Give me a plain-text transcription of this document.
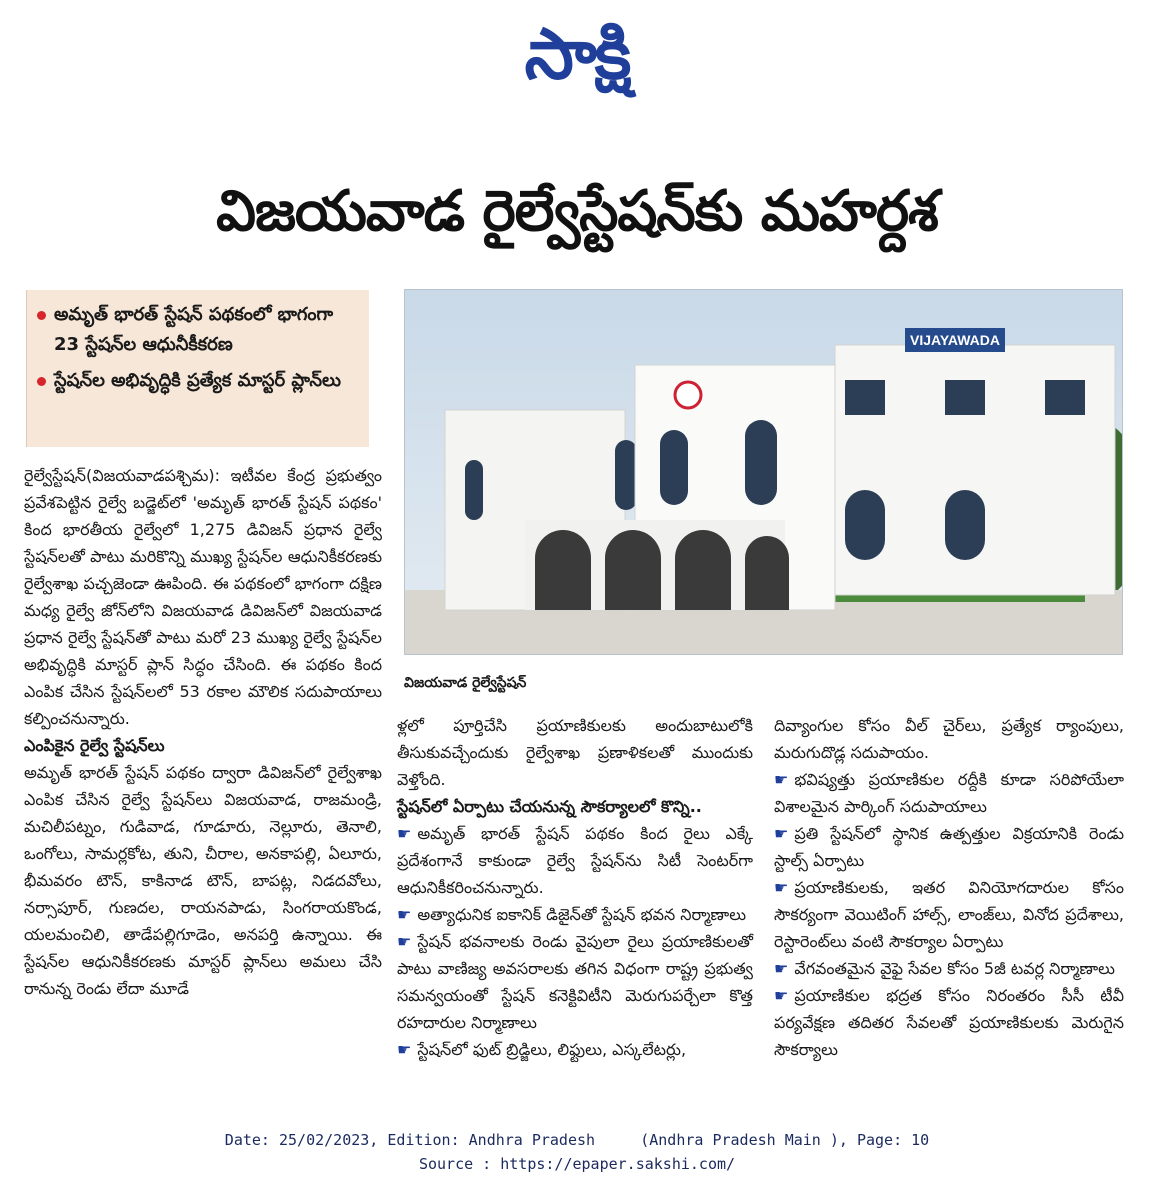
సాక్షి
విజయవాడ రైల్వేస్టేషన్‌కు మహర్దశ
అమృత్‌ భారత్‌ స్టేషన్‌ పథకంలో భాగంగా 23 స్టేషన్‌ల ఆధునీకీకరణ
స్టేషన్‌ల అభివృద్ధికి ప్రత్యేక మాస్టర్‌ ప్లాన్‌లు
VIJAYAWADA
విజయవాడ రైల్వేస్టేషన్‌

రైల్వేస్టేషన్‌(విజయవాడపశ్చిమ): ఇటీవల కేంద్ర ప్రభుత్వం ప్రవేశపెట్టిన రైల్వే బడ్జెట్‌లో 'అమృత్‌ భారత్‌ స్టేషన్‌ పథకం' కింద భారతీయ రైల్వేలో 1,275 డివిజన్‌ ప్రధాన రైల్వే స్టేషన్‌లతో పాటు మరికొన్ని ముఖ్య స్టేషన్‌ల ఆధునికీకరణకు రైల్వేశాఖ పచ్చజెండా ఊపింది. ఈ పథకంలో భాగంగా దక్షిణ మధ్య రైల్వే జోన్‌లోని విజయవాడ డివిజన్‌లో విజయవాడ ప్రధాన రైల్వే స్టేషన్‌తో పాటు మరో 23 ముఖ్య రైల్వే స్టేషన్‌ల అభివృద్ధికి మాస్టర్‌ ప్లాన్‌ సిద్ధం చేసింది. ఈ పథకం కింద ఎంపిక చేసిన స్టేషన్‌లలో 53 రకాల మౌలిక సదుపాయాలు కల్పించనున్నారు.

ఎంపికైన రైల్వే స్టేషన్‌లు

అమృత్‌ భారత్‌ స్టేషన్‌ పథకం ద్వారా డివిజన్‌లో రైల్వేశాఖ ఎంపిక చేసిన రైల్వే స్టేషన్‌లు విజయవాడ, రాజమండ్రి, మచిలీపట్నం, గుడివాడ, గూడూరు, నెల్లూరు, తెనాలి, ఒంగోలు, సామర్లకోట, తుని, చీరాల, అనకాపల్లి, ఏలూరు, భీమవరం టౌన్‌, కాకినాడ టౌన్‌, బాపట్ల, నిడదవోలు, నర్సాపూర్‌, గుణదల, రాయనపాడు, సింగరాయకొండ, యలమంచిలి, తాడేపల్లిగూడెం, అనపర్తి ఉన్నాయి. ఈ స్టేషన్‌ల ఆధునికీకరణకు మాస్టర్‌ ప్లాన్‌లు అమలు చేసి రానున్న రెండు లేదా మూడే

ళ్లలో పూర్తిచేసి ప్రయాణికులకు అందుబాటులోకి తీసుకువచ్చేందుకు రైల్వేశాఖ ప్రణాళికలతో ముందుకు వెళ్తోంది.

స్టేషన్‌లో ఏర్పాటు చేయనున్న సౌకర్యాలలో కొన్ని..

☛ అమృత్‌ భారత్‌ స్టేషన్‌ పథకం కింద రైలు ఎక్కే ప్రదేశంగానే కాకుండా రైల్వే స్టేషన్‌ను సిటీ సెంటర్‌గా ఆధునికీకరించనున్నారు.

☛ అత్యాధునిక ఐకానిక్‌ డిజైన్‌తో స్టేషన్‌ భవన నిర్మాణాలు

☛ స్టేషన్‌ భవనాలకు రెండు వైపులా రైలు ప్రయాణికులతో పాటు వాణిజ్య అవసరాలకు తగిన విధంగా రాష్ట్ర ప్రభుత్వ సమన్వయంతో స్టేషన్‌ కనెక్టివిటీని మెరుగుపర్చేలా కొత్త రహదారుల నిర్మాణాలు

☛ స్టేషన్‌లో ఫుట్‌ బ్రిడ్జిలు, లిఫ్టులు, ఎస్కలేటర్లు,

దివ్యాంగుల కోసం వీల్‌ చైర్‌లు, ప్రత్యేక ర్యాంపులు, మరుగుదొడ్ల సదుపాయం.

☛ భవిష్యత్తు ప్రయాణికుల రద్దీకి కూడా సరిపోయేలా విశాలమైన పార్కింగ్‌ సదుపాయాలు

☛ ప్రతి స్టేషన్‌లో స్థానిక ఉత్పత్తుల విక్రయానికి రెండు స్టాల్స్‌ ఏర్పాటు

☛ ప్రయాణికులకు, ఇతర వినియోగదారుల కోసం సౌకర్యంగా వెయిటింగ్‌ హాల్స్‌, లాంజ్‌లు, వినోద ప్రదేశాలు, రెస్టారెంట్‌లు వంటి సౌకర్యాల ఏర్పాటు

☛ వేగవంతమైన వైఫై సేవల కోసం 5జీ టవర్ల నిర్మాణాలు

☛ ప్రయాణికుల భద్రత కోసం నిరంతరం సీసీ టీవీ పర్యవేక్షణ తదితర సేవలతో ప్రయాణికులకు మెరుగైన సౌకర్యాలు

Date: 25/02/2023, Edition: Andhra Pradesh     (Andhra Pradesh Main ), Page: 10
Source : https://epaper.sakshi.com/
